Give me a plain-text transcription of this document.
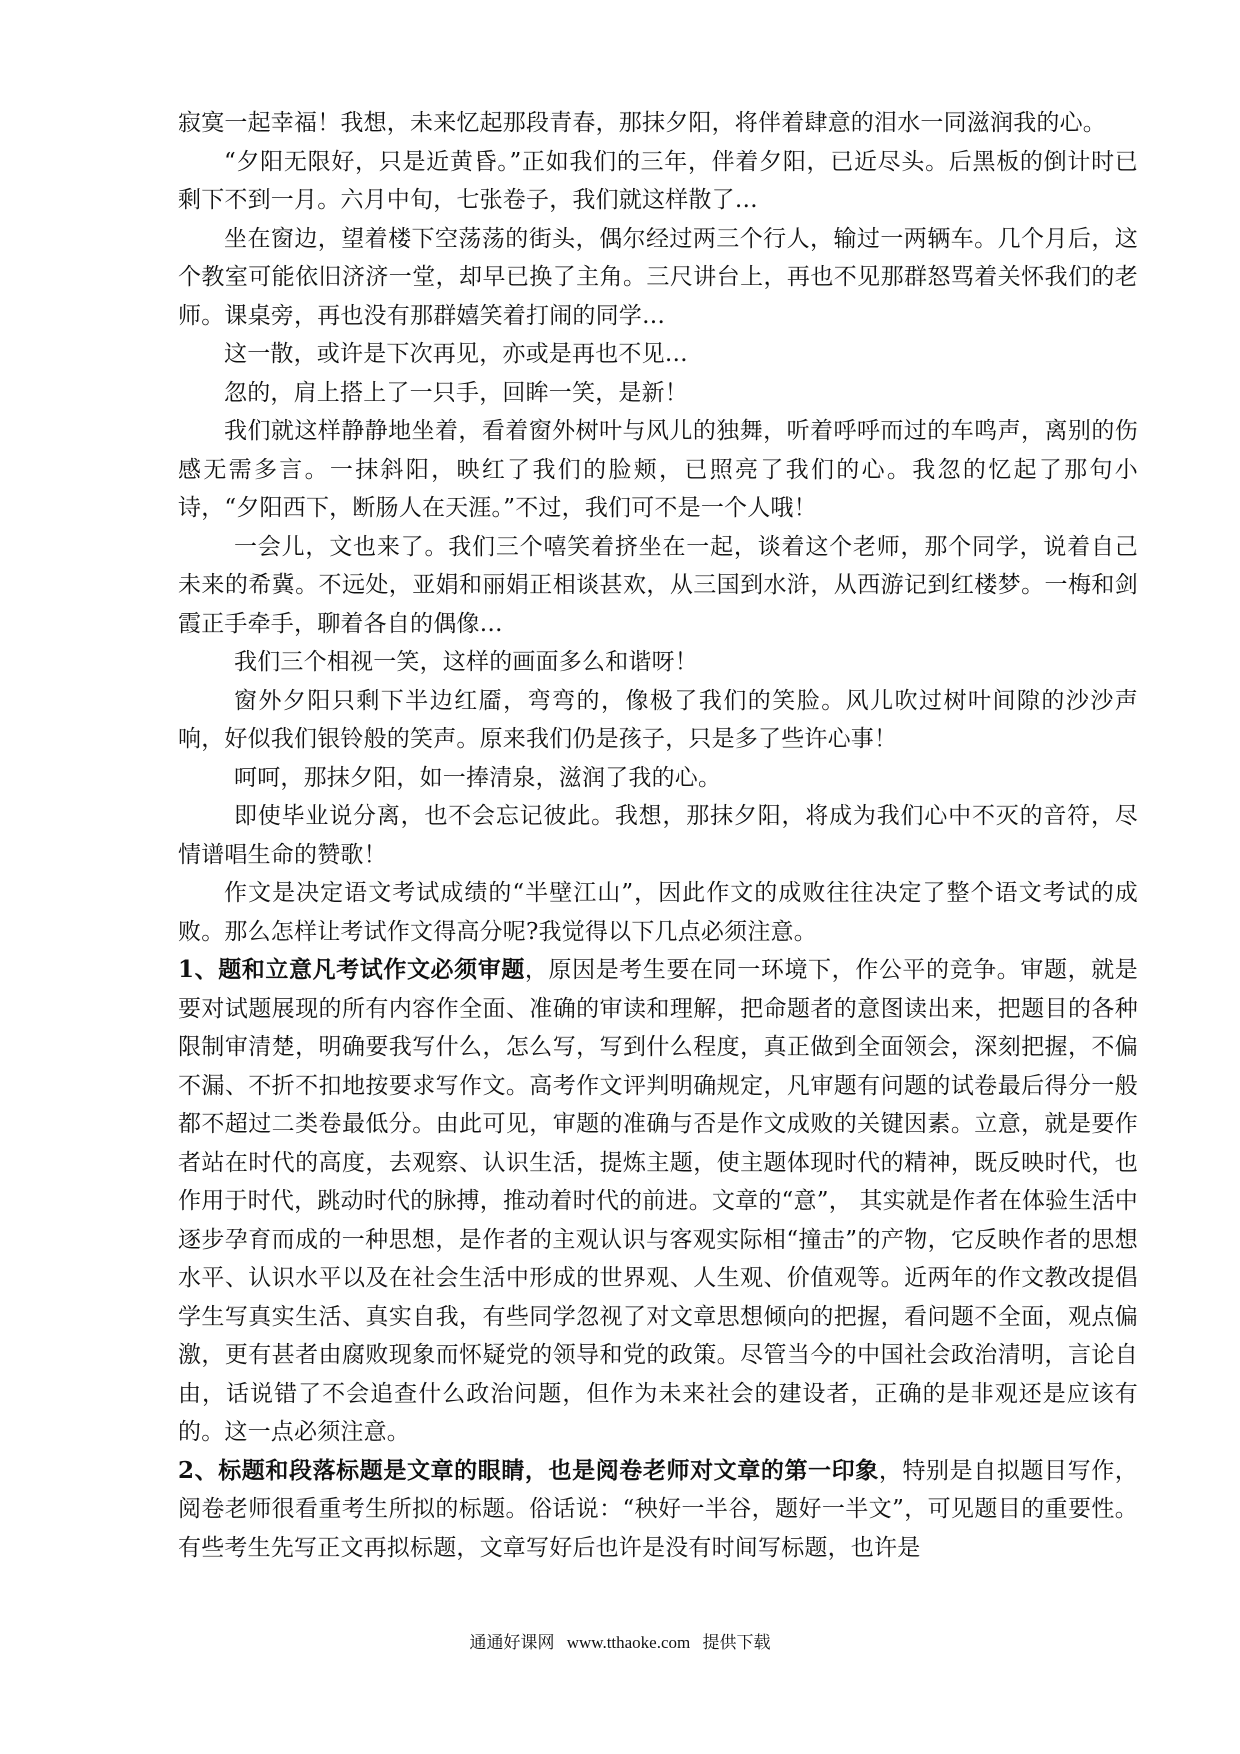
寂寞一起幸福！我想，未来忆起那段青春，那抹夕阳，将伴着肆意的泪水一同滋润我的心。

“夕阳无限好，只是近黄昏。”正如我们的三年，伴着夕阳，已近尽头。后黑板的倒计时已剩下不到一月。六月中旬，七张卷子，我们就这样散了…

坐在窗边，望着楼下空荡荡的街头，偶尔经过两三个行人，输过一两辆车。几个月后，这个教室可能依旧济济一堂，却早已换了主角。三尺讲台上，再也不见那群怒骂着关怀我们的老师。课桌旁，再也没有那群嬉笑着打闹的同学…

这一散，或许是下次再见，亦或是再也不见…

忽的，肩上搭上了一只手，回眸一笑，是新！

我们就这样静静地坐着，看着窗外树叶与风儿的独舞，听着呼呼而过的车鸣声，离别的伤感无需多言。一抹斜阳，映红了我们的脸颊，已照亮了我们的心。我忽的忆起了那句小诗，“夕阳西下，断肠人在天涯。”不过，我们可不是一个人哦！

一会儿，文也来了。我们三个嘻笑着挤坐在一起，谈着这个老师，那个同学，说着自己未来的希冀。不远处，亚娟和丽娟正相谈甚欢，从三国到水浒，从西游记到红楼梦。一梅和剑霞正手牵手，聊着各自的偶像…

我们三个相视一笑，这样的画面多么和谐呀！

窗外夕阳只剩下半边红靥，弯弯的，像极了我们的笑脸。风儿吹过树叶间隙的沙沙声响，好似我们银铃般的笑声。原来我们仍是孩子，只是多了些许心事！

呵呵，那抹夕阳，如一捧清泉，滋润了我的心。

即使毕业说分离，也不会忘记彼此。我想，那抹夕阳，将成为我们心中不灭的音符，尽情谱唱生命的赞歌！

作文是决定语文考试成绩的“半壁江山”，因此作文的成败往往决定了整个语文考试的成败。那么怎样让考试作文得高分呢?我觉得以下几点必须注意。

1、题和立意凡考试作文必须审题，原因是考生要在同一环境下，作公平的竞争。审题，就是要对试题展现的所有内容作全面、准确的审读和理解，把命题者的意图读出来，把题目的各种限制审清楚，明确要我写什么，怎么写，写到什么程度，真正做到全面领会，深刻把握，不偏不漏、不折不扣地按要求写作文。高考作文评判明确规定，凡审题有问题的试卷最后得分一般都不超过二类卷最低分。由此可见，审题的准确与否是作文成败的关键因素。立意，就是要作者站在时代的高度，去观察、认识生活，提炼主题，使主题体现时代的精神，既反映时代，也作用于时代，跳动时代的脉搏，推动着时代的前进。文章的“意”， 其实就是作者在体验生活中逐步孕育而成的一种思想，是作者的主观认识与客观实际相“撞击”的产物，它反映作者的思想水平、认识水平以及在社会生活中形成的世界观、人生观、价值观等。近两年的作文教改提倡学生写真实生活、真实自我，有些同学忽视了对文章思想倾向的把握，看问题不全面，观点偏激，更有甚者由腐败现象而怀疑党的领导和党的政策。尽管当今的中国社会政治清明，言论自由，话说错了不会追查什么政治问题，但作为未来社会的建设者，正确的是非观还是应该有的。这一点必须注意。

2、标题和段落标题是文章的眼睛，也是阅卷老师对文章的第一印象，特别是自拟题目写作，阅卷老师很看重考生所拟的标题。俗话说：“秧好一半谷，题好一半文”，可见题目的重要性。有些考生先写正文再拟标题，文章写好后也许是没有时间写标题，也许是

通通好课网 www.tthaoke.com 提供下载
